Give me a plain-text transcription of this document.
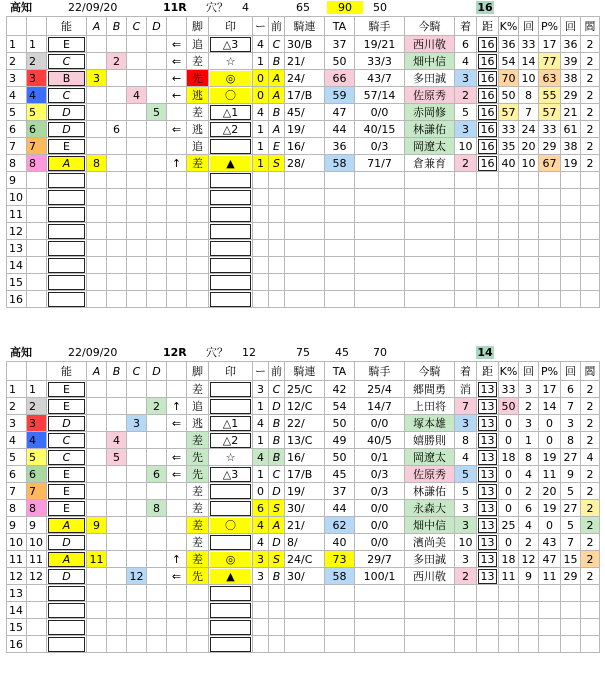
高知	22/09/20	11R 穴？ 4	65	90	50	16
		能	A	B	C	D		脚	印	ー	前	騎連	TA	騎手	今騎	着	距	K%	回	P%	回	閻
1	1	E					⇐	追	△3	4	C	30/B	37	19/21	西川敬	6	16	36	33	17	36	2
2	2	C		2			⇐	差	☆	1	B	21/	50	33/3	畑中信	4	16	54	14	77	39	2
3	3	B	3				←	先	◎	0	A	24/	66	43/7	多田誠	3	16	70	10	63	38	2
4	4	C			4		←	逃	〇	0	A	17/B	59	57/14	佐原秀	2	16	50	8	55	29	2
5	5	D				5		差	△1	4	B	45/	47	0/0	赤岡修	5	16	57	7	57	21	2
6	6	D		6			⇐	逃	△2	1	A	19/	44	40/15	林謙佑	3	16	33	24	33	61	2
7	7	E						追		1	E	16/	36	0/3	岡遼太	10	16	35	20	29	38	2
8	8	A	8				↑	差	▲	1	S	28/	58	71/7	倉兼育	2	16	40	10	67	19	2
9		

10		

11		

12		

13		

14		

15		

16		

高知	22/09/20	12R 穴？ 12	75 45 70	14
		能	A	B	C	D		脚	印	ー	前	騎連	TA	騎手	今騎	着	距	K%	回	P%	回	閻
1	1	E						差		3	C	25/C	42	25/4	郷間勇	消	13	33	3	17	6	2
2	2	E				2	↑	追		1	D	12/C	54	14/7	上田将	7	13	50	2	14	7	2
3	3	D			3		⇐	逃	△1	4	B	22/	50	0/0	塚本雄	3	13	0	3	0	3	2
4	4	C		4				差	△2	1	B	13/C	49	40/5	嬉勝則	8	13	0	1	0	8	2
5	5	C		5			⇐	先	☆	4	B	16/	50	0/1	岡遼太	4	13	18	8	19	27	4
6	6	E				6	⇐	先	△3	1	C	17/B	45	0/3	佐原秀	5	13	0	4	11	9	2
7	7	E						差		0	D	19/	37	0/3	林謙佑	5	13	0	2	20	5	2
8	8	E				8		差		6	S	30/	44	0/0	永森大	3	13	0	6	19	27	2
9	9	A	9					差	〇	4	A	21/	62	0/0	畑中信	3	13	25	4	0	5	2
10	10	D						差		4	D	8/	40	0/0	濱尚美	10	13	0	2	43	7	2
11	11	A	11				↑	差	◎	3	S	24/C	73	29/7	多田誠	3	13	18	12	47	15	2
12	12	D			12		⇐	先	▲	3	B	30/	58	100/1	西川敬	2	13	11	9	11	29	2
13		

14		

15		

16		
